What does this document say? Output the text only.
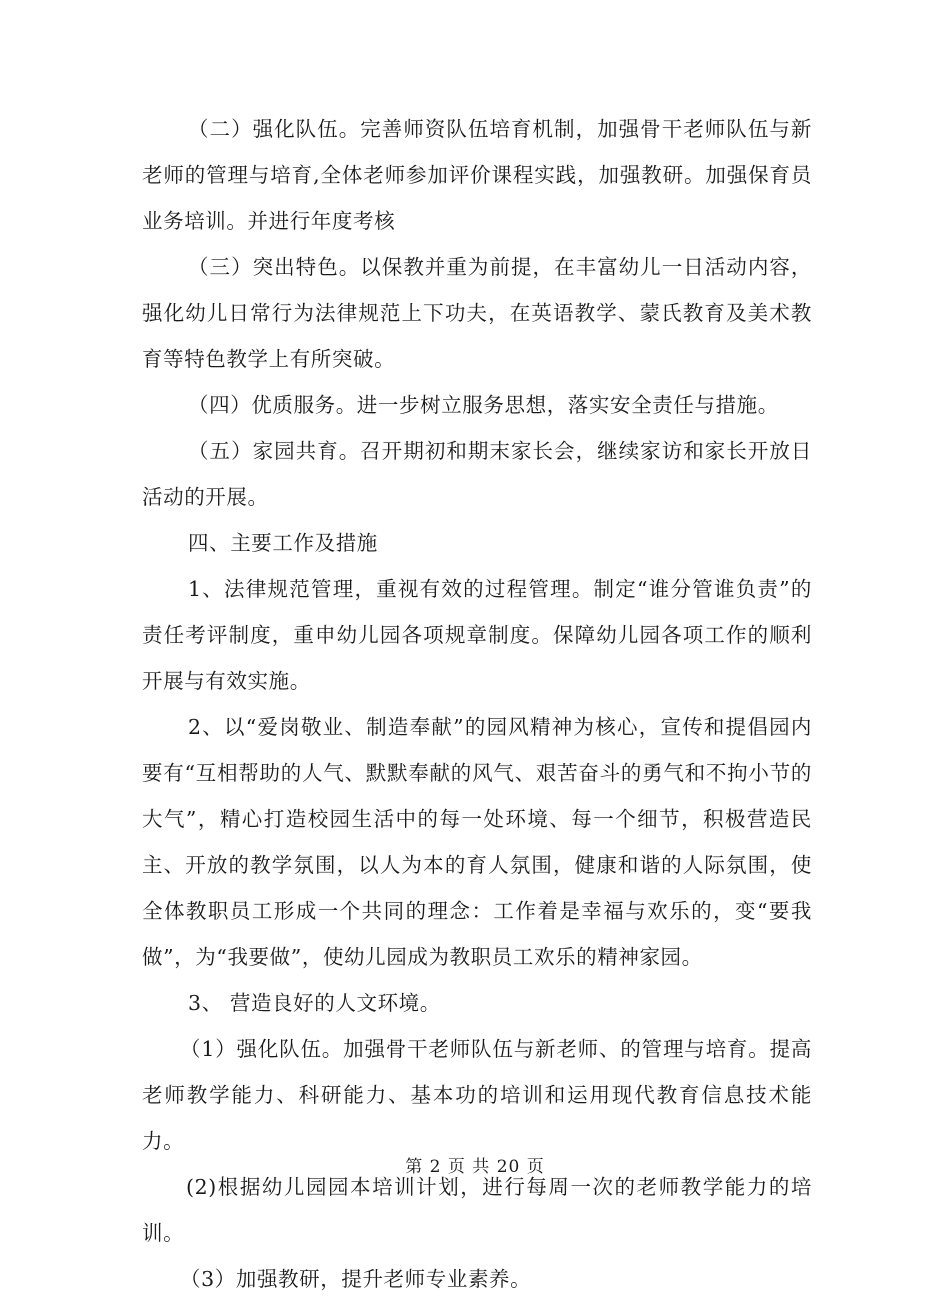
（二）强化队伍。完善师资队伍培育机制，加强骨干老师队伍与新老师的管理与培育,全体老师参加评价课程实践，加强教研。加强保育员业务培训。并进行年度考核

（三）突出特色。以保教并重为前提，在丰富幼儿一日活动内容，强化幼儿日常行为法律规范上下功夫，在英语教学、蒙氏教育及美术教育等特色教学上有所突破。

（四）优质服务。进一步树立服务思想，落实安全责任与措施。

（五）家园共育。召开期初和期末家长会，继续家访和家长开放日活动的开展。

四、主要工作及措施

1、法律规范管理，重视有效的过程管理。制定“谁分管谁负责”的责任考评制度，重申幼儿园各项规章制度。保障幼儿园各项工作的顺利开展与有效实施。

2、以“爱岗敬业、制造奉献”的园风精神为核心，宣传和提倡园内要有“互相帮助的人气、默默奉献的风气、艰苦奋斗的勇气和不拘小节的大气”，精心打造校园生活中的每一处环境、每一个细节，积极营造民主、开放的教学氛围，以人为本的育人氛围，健康和谐的人际氛围，使全体教职员工形成一个共同的理念：工作着是幸福与欢乐的，变“要我做”，为“我要做”，使幼儿园成为教职员工欢乐的精神家园。

3、 营造良好的人文环境。

（1）强化队伍。加强骨干老师队伍与新老师、的管理与培育。提高老师教学能力、科研能力、基本功的培训和运用现代教育信息技术能力。

(2)根据幼儿园园本培训计划，进行每周一次的老师教学能力的培训。

（3）加强教研，提升老师专业素养。

第 2 页 共 20 页
